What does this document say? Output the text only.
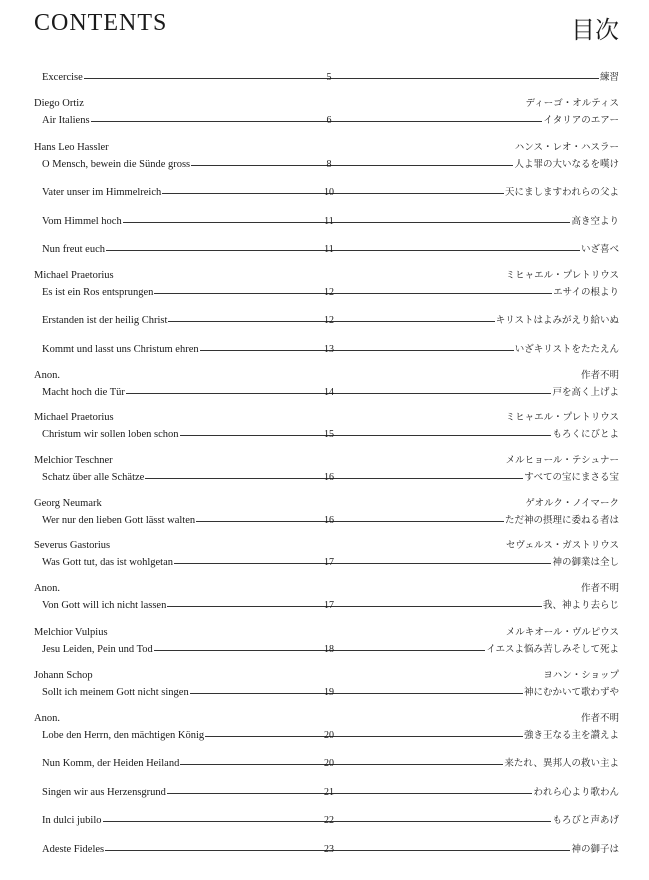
CONTENTS	目次
Excercise	5	練習
Diego Ortiz	ディーゴ・オルティス
Air Italiens	6	イタリアのエアー
Hans Leo Hassler	ハンス・レオ・ハスラー
O Mensch, bewein die Sünde gross	8	人よ罪の大いなるを嘆け
Vater unser im Himmelreich	10	天にましますわれらの父よ
Vom Himmel hoch	11	高き空より
Nun freut euch	11	いざ喜べ
Michael Praetorius	ミヒャエル・プレトリウス
Es ist ein Ros entsprungen	12	エサイの根より
Erstanden ist der heilig Christ	12	キリストはよみがえり給いぬ
Kommt und lasst uns Christum ehren	13	いざキリストをたたえん
Anon.	作者不明
Macht hoch die Tür	14	戸を高く上げよ
Michael Praetorius	ミヒャエル・プレトリウス
Christum wir sollen loben schon	15	もろくにびとよ
Melchior Teschner	メルヒョール・テシュナー
Schatz über alle Schätze	16	すべての宝にまさる宝
Georg Neumark	ゲオルク・ノイマーク
Wer nur den lieben Gott lässt walten	16	ただ神の摂理に委ねる者は
Severus Gastorius	セヴェルス・ガストリウス
Was Gott tut, das ist wohlgetan	17	神の御業は全し
Anon.	作者不明
Von Gott will ich nicht lassen	17	我、神より去らじ
Melchior Vulpius	メルキオール・ヴルピウス
Jesu Leiden, Pein und Tod	18	イエスよ悩み苦しみそして死よ
Johann Schop	ヨハン・ショップ
Sollt ich meinem Gott nicht singen	19	神にむかいて歌わずや
Anon.	作者不明
Lobe den Herrn, den mächtigen König	20	強き王なる主を讃えよ
Nun Komm, der Heiden Heiland	20	来たれ、異邦人の救い主よ
Singen wir aus Herzensgrund	21	われら心より歌わん
In dulci jubilo	22	もろびと声あげ
Adeste Fideles	23	神の御子は
